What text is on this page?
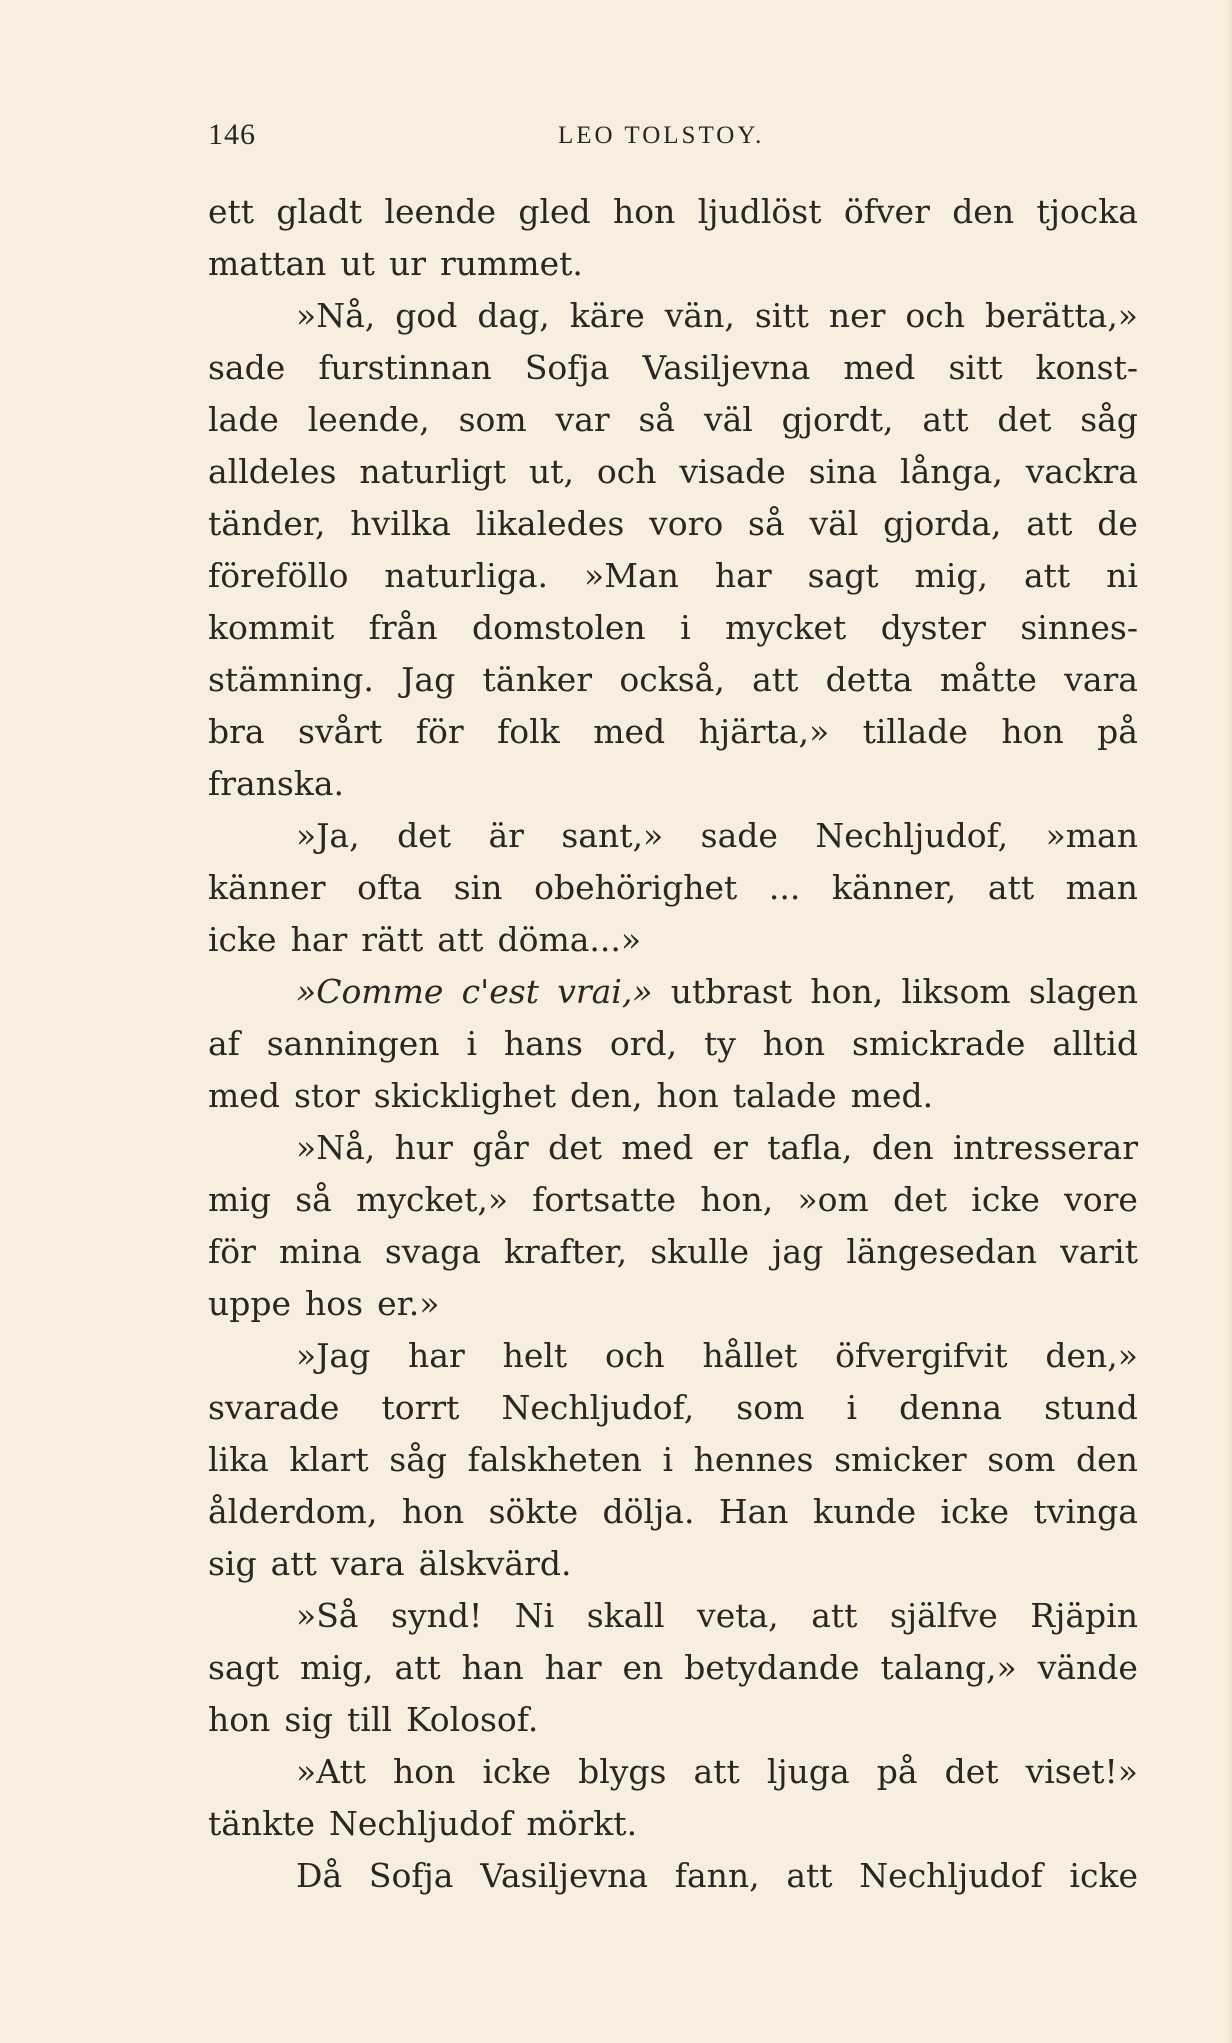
146	LEO TOLSTOY.
ett gladt leende gled hon ljudlöst öfver den tjocka
mattan ut ur rummet.
»Nå, god dag, käre vän, sitt ner och berätta,»
sade furstinnan Sofja Vasiljevna med sitt konst-
lade leende, som var så väl gjordt, att det såg
alldeles naturligt ut, och visade sina långa, vackra
tänder, hvilka likaledes voro så väl gjorda, att de
föreföllo naturliga. »Man har sagt mig, att ni
kommit från domstolen i mycket dyster sinnes-
stämning. Jag tänker också, att detta måtte vara
bra svårt för folk med hjärta,» tillade hon på
franska.
»Ja, det är sant,» sade Nechljudof, »man
känner ofta sin obehörighet ... känner, att man
icke har rätt att döma...»
»Comme c'est vrai,» utbrast hon, liksom slagen
af sanningen i hans ord, ty hon smickrade alltid
med stor skicklighet den, hon talade med.
»Nå, hur går det med er tafla, den intresserar
mig så mycket,» fortsatte hon, »om det icke vore
för mina svaga krafter, skulle jag längesedan varit
uppe hos er.»
»Jag har helt och hållet öfvergifvit den,»
svarade torrt Nechljudof, som i denna stund
lika klart såg falskheten i hennes smicker som den
ålderdom, hon sökte dölja. Han kunde icke tvinga
sig att vara älskvärd.
»Så synd! Ni skall veta, att själfve Rjäpin
sagt mig, att han har en betydande talang,» vände
hon sig till Kolosof.
»Att hon icke blygs att ljuga på det viset!»
tänkte Nechljudof mörkt.
Då Sofja Vasiljevna fann, att Nechljudof icke
